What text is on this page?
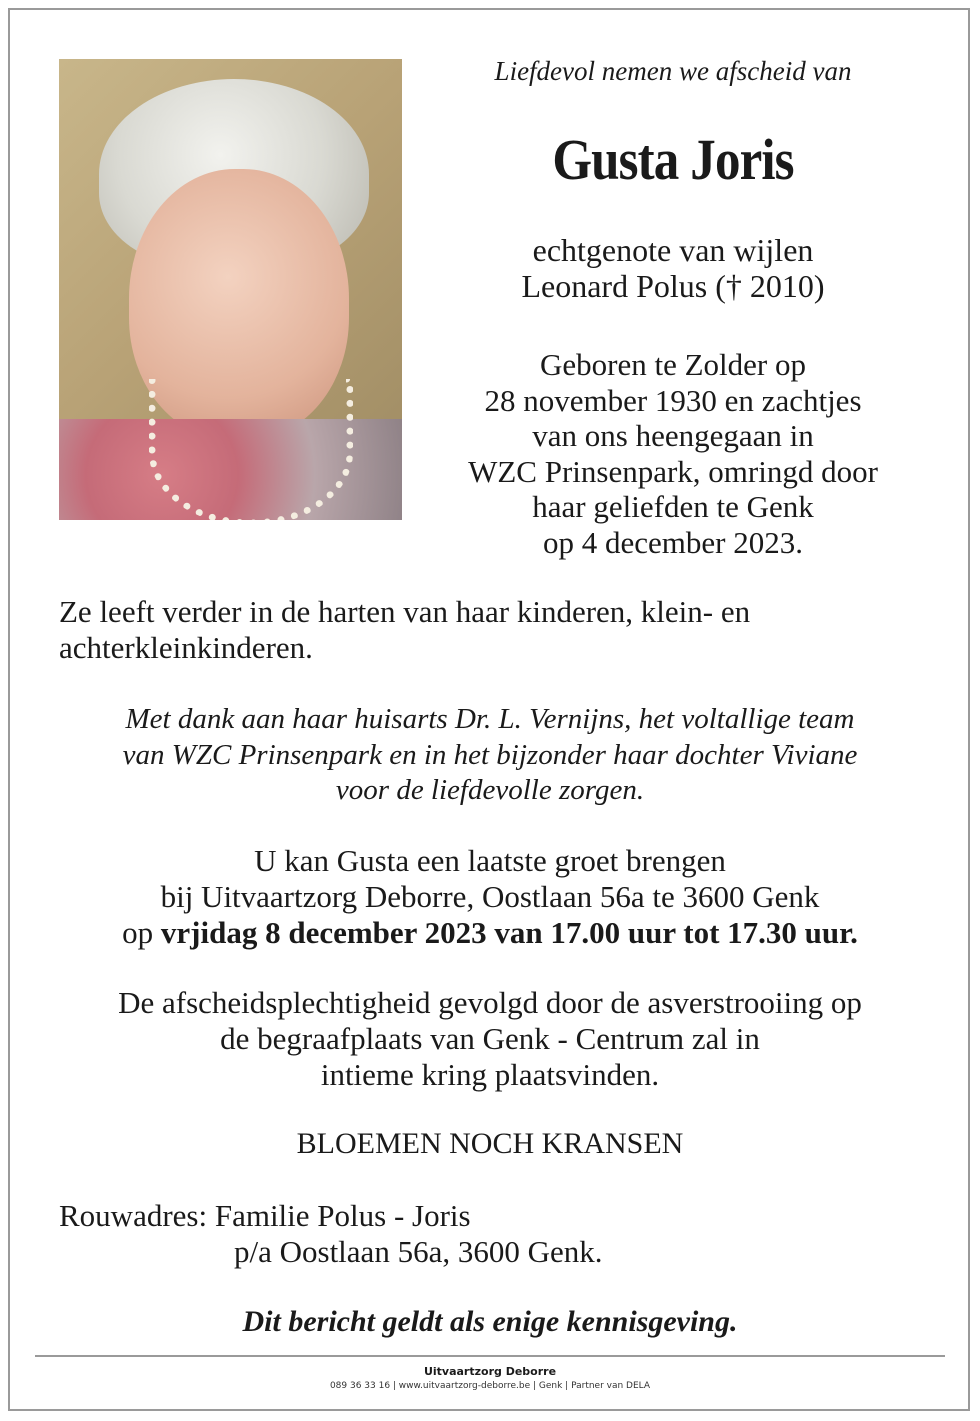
Liefdevol nemen we afscheid van

Gusta Joris

echtgenote van wijlen
Leonard Polus († 2010)

Geboren te Zolder op
28 november 1930 en zachtjes
van ons heengegaan in
WZC Prinsenpark, omringd door
haar geliefden te Genk
op 4 december 2023.

Ze leeft verder in de harten van haar kinderen, klein- en
achterkleinkinderen.

Met dank aan haar huisarts Dr. L. Vernijns, het voltallige team
van WZC Prinsenpark en in het bijzonder haar dochter Viviane
voor de liefdevolle zorgen.

U kan Gusta een laatste groet brengen
bij Uitvaartzorg Deborre, Oostlaan 56a te 3600 Genk
op vrjidag 8 december 2023 van 17.00 uur tot 17.30 uur.

De afscheidsplechtigheid gevolgd door de asverstrooiing op
de begraafplaats van Genk - Centrum zal in
intieme kring plaatsvinden.

BLOEMEN NOCH KRANSEN

Rouwadres: Familie Polus - Joris
p/a Oostlaan 56a, 3600 Genk.

Dit bericht geldt als enige kennisgeving.

Uitvaartzorg Deborre
089 36 33 16 | www.uitvaartzorg-deborre.be | Genk | Partner van DELA
